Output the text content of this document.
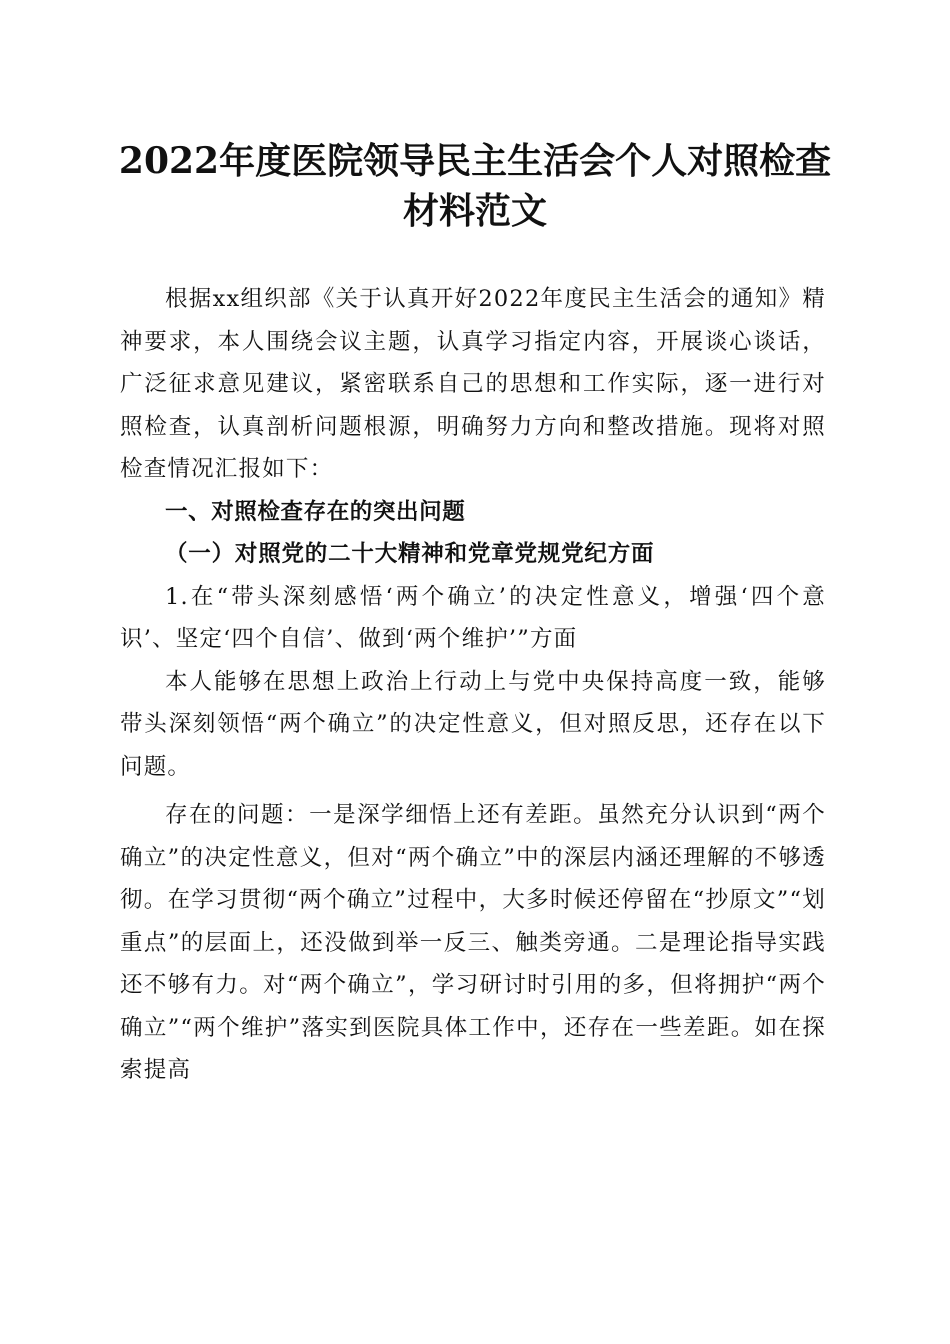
2022年度医院领导民主生活会个人对照检查
材料范文

根据xx组织部《关于认真开好2022年度民主生活会的通知》精神要求，本人围绕会议主题，认真学习指定内容，开展谈心谈话，广泛征求意见建议，紧密联系自己的思想和工作实际，逐一进行对照检查，认真剖析问题根源，明确努力方向和整改措施。现将对照检查情况汇报如下：

一、对照检查存在的突出问题

（一）对照党的二十大精神和党章党规党纪方面

1.在“带头深刻感悟‘两个确立’的决定性意义，增强‘四个意识’、坚定‘四个自信’、做到‘两个维护’”方面

本人能够在思想上政治上行动上与党中央保持高度一致，能够带头深刻领悟“两个确立”的决定性意义，但对照反思，还存在以下问题。

存在的问题：一是深学细悟上还有差距。虽然充分认识到“两个确立”的决定性意义，但对“两个确立”中的深层内涵还理解的不够透彻。在学习贯彻“两个确立”过程中，大多时候还停留在“抄原文”“划重点”的层面上，还没做到举一反三、触类旁通。二是理论指导实践还不够有力。对“两个确立”，学习研讨时引用的多，但将拥护“两个确立”“两个维护”落实到医院具体工作中，还存在一些差距。如在探索提高
